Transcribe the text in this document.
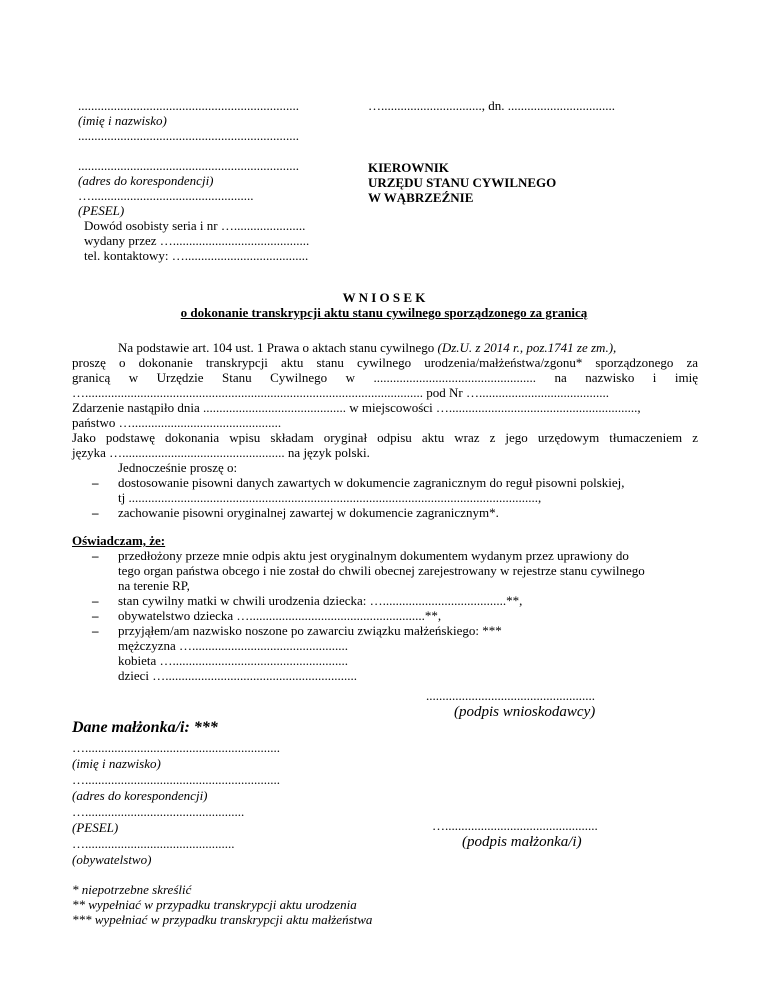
....................................................................
(imię i nazwisko)
....................................................................
....................................................................
(adres do korespondencji)
…..................................................
(PESEL)
Dowód osobisty seria i nr …......................
wydany przez …..........................................
tel. kontaktowy: …......................................
…..............................., dn. .................................
KIEROWNIK
URZĘDU STANU CYWILNEGO
W WĄBRZEŹNIE
W N I O S E K
o dokonanie transkrypcji aktu stanu cywilnego sporządzonego za granicą
Na podstawie art. 104 ust. 1 Prawa o aktach stanu cywilnego (Dz.U. z 2014 r., poz.1741 ze zm.),
proszę o dokonanie transkrypcji aktu stanu cywilnego urodzenia/małżeństwa/zgonu* sporządzonego za
granicą w Urzędzie Stanu Cywilnego w .................................................. na nazwisko i imię
…........................................................................................................ pod Nr …........................................
Zdarzenie nastąpiło dnia ............................................ w miejscowości …..........................................................,
państwo …..............................................
Jako podstawę dokonania wpisu składam oryginał odpisu aktu wraz z jego urzędowym tłumaczeniem z
języka ….................................................. na język polski.
Jednocześnie proszę o:
– dostosowanie pisowni danych zawartych w dokumencie zagranicznym do reguł pisowni polskiej,
tj ..............................................................................................................................,
– zachowanie pisowni oryginalnej zawartej w dokumencie zagranicznym*.
Oświadczam, że:
– przedłożony przeze mnie odpis aktu jest oryginalnym dokumentem wydanym przez uprawiony do
tego organ państwa obcego i nie został do chwili obecnej zarejestrowany w rejestrze stanu cywilnego
na terenie RP,
– stan cywilny matki w chwili urodzenia dziecka: …......................................**,
– obywatelstwo dziecka …......................................................**,
– przyjąłem/am nazwisko noszone po zawarciu związku małżeńskiego: ***
mężczyzna …................................................
kobieta …......................................................
dzieci …...........................................................
....................................................
(podpis wnioskodawcy)
Dane małżonka/i: ***
…............................................................
(imię i nazwisko)
…............................................................
(adres do korespondencji)
….................................................
(PESEL)
…..............................................
(obywatelstwo)
…...............................................
(podpis małżonka/i)
* niepotrzebne skreślić
** wypełniać w przypadku transkrypcji aktu urodzenia
*** wypełniać w przypadku transkrypcji aktu małżeństwa
